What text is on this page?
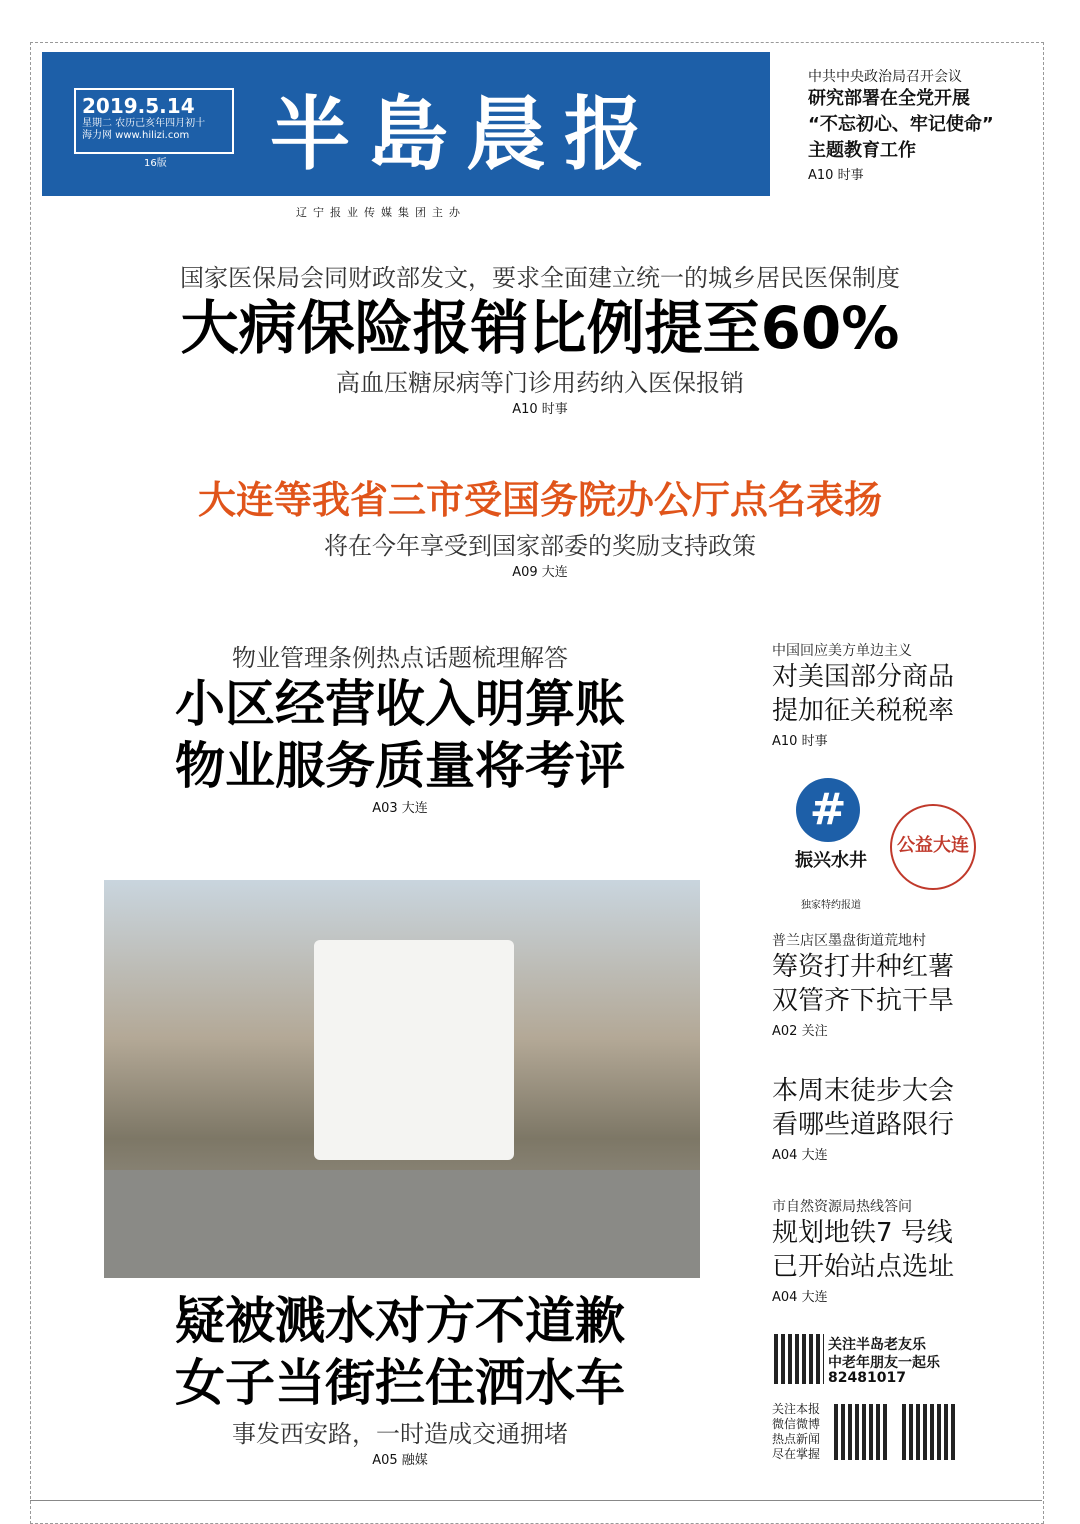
2019.5.14
星期二 农历己亥年四月初十
海力网 www.hilizi.com
16版 半島晨报
辽宁报业传媒集团主办
中共中央政治局召开会议
研究部署在全党开展
“不忘初心、牢记使命”
主题教育工作
A10 时事
国家医保局会同财政部发文，要求全面建立统一的城乡居民医保制度
大病保险报销比例提至60%
高血压糖尿病等门诊用药纳入医保报销
A10 时事
大连等我省三市受国务院办公厅点名表扬
将在今年享受到国家部委的奖励支持政策
A09 大连
物业管理条例热点话题梳理解答
小区经营收入明算账
物业服务质量将考评
A03 大连
疑被溅水对方不道歉
女子当街拦住洒水车
事发西安路，一时造成交通拥堵
A05 融媒
中国回应美方单边主义
对美国部分商品
提加征关税税率
A10 时事
#
振兴水井
独家特约报道
公益大连
普兰店区墨盘街道荒地村
筹资打井种红薯
双管齐下抗干旱
A02 关注
本周末徒步大会
看哪些道路限行
A04 大连
市自然资源局热线答问
规划地铁7 号线
已开始站点选址
A04 大连
关注半岛老友乐
中老年朋友一起乐
82481017
关注本报
微信微博
热点新闻
尽在掌握
